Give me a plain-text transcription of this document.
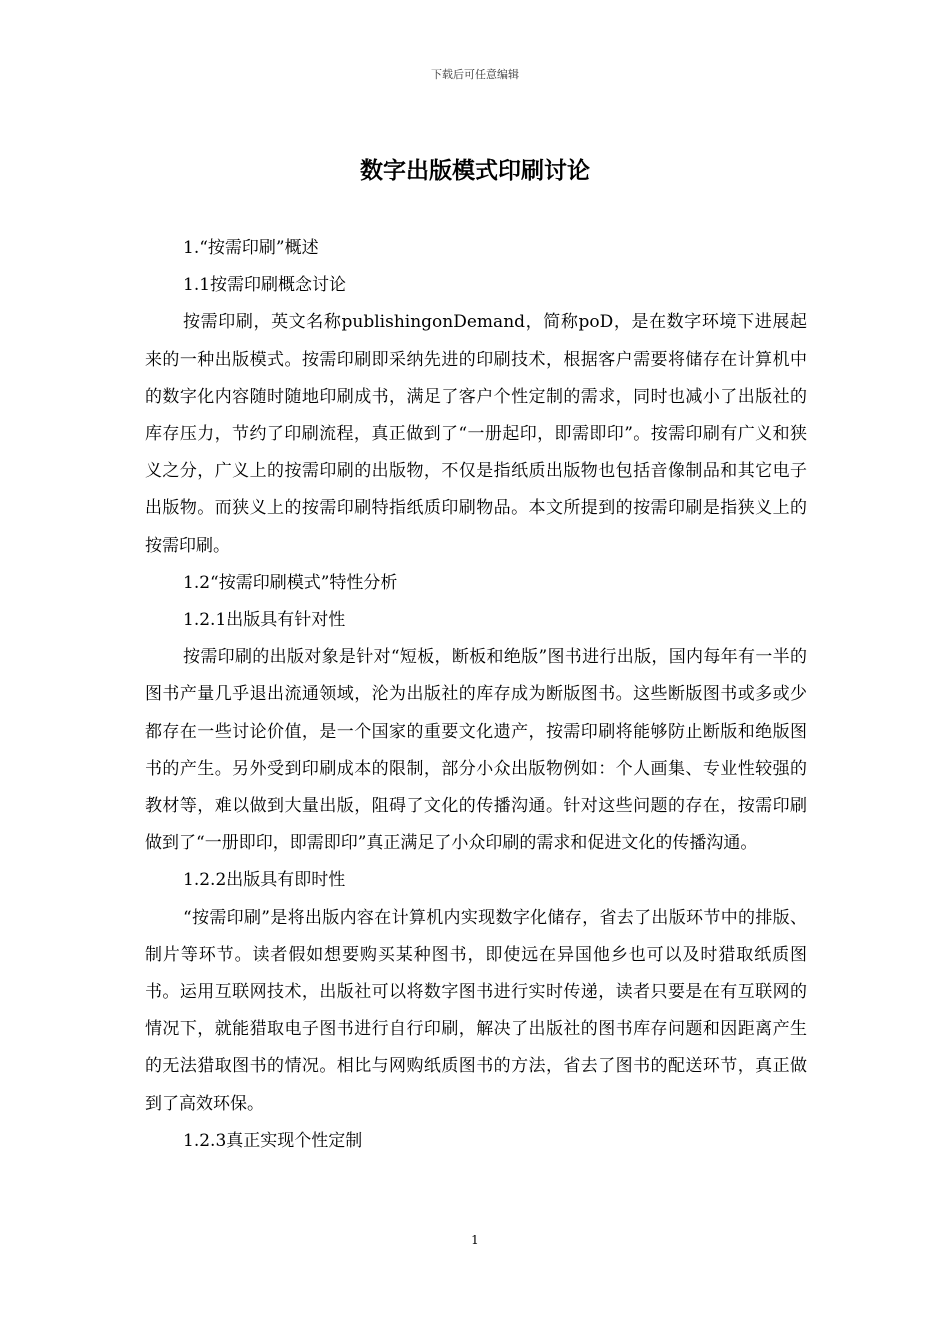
下载后可任意编辑
数字出版模式印刷讨论

1.“按需印刷”概述

1.1按需印刷概念讨论

按需印刷，英文名称publishingonDemand，简称poD，是在数字环境下进展起来的一种出版模式。按需印刷即采纳先进的印刷技术，根据客户需要将储存在计算机中的数字化内容随时随地印刷成书，满足了客户个性定制的需求，同时也减小了出版社的库存压力，节约了印刷流程，真正做到了“一册起印，即需即印”。按需印刷有广义和狭义之分，广义上的按需印刷的出版物，不仅是指纸质出版物也包括音像制品和其它电子出版物。而狭义上的按需印刷特指纸质印刷物品。本文所提到的按需印刷是指狭义上的按需印刷。

1.2“按需印刷模式”特性分析

1.2.1出版具有针对性

按需印刷的出版对象是针对“短板，断板和绝版”图书进行出版，国内每年有一半的图书产量几乎退出流通领域，沦为出版社的库存成为断版图书。这些断版图书或多或少都存在一些讨论价值，是一个国家的重要文化遗产，按需印刷将能够防止断版和绝版图书的产生。另外受到印刷成本的限制，部分小众出版物例如：个人画集、专业性较强的教材等，难以做到大量出版，阻碍了文化的传播沟通。针对这些问题的存在，按需印刷做到了“一册即印，即需即印”真正满足了小众印刷的需求和促进文化的传播沟通。

1.2.2出版具有即时性

“按需印刷”是将出版内容在计算机内实现数字化储存，省去了出版环节中的排版、制片等环节。读者假如想要购买某种图书，即使远在异国他乡也可以及时猎取纸质图书。运用互联网技术，出版社可以将数字图书进行实时传递，读者只要是在有互联网的情况下，就能猎取电子图书进行自行印刷，解决了出版社的图书库存问题和因距离产生的无法猎取图书的情况。相比与网购纸质图书的方法，省去了图书的配送环节，真正做到了高效环保。

1.2.3真正实现个性定制

1
